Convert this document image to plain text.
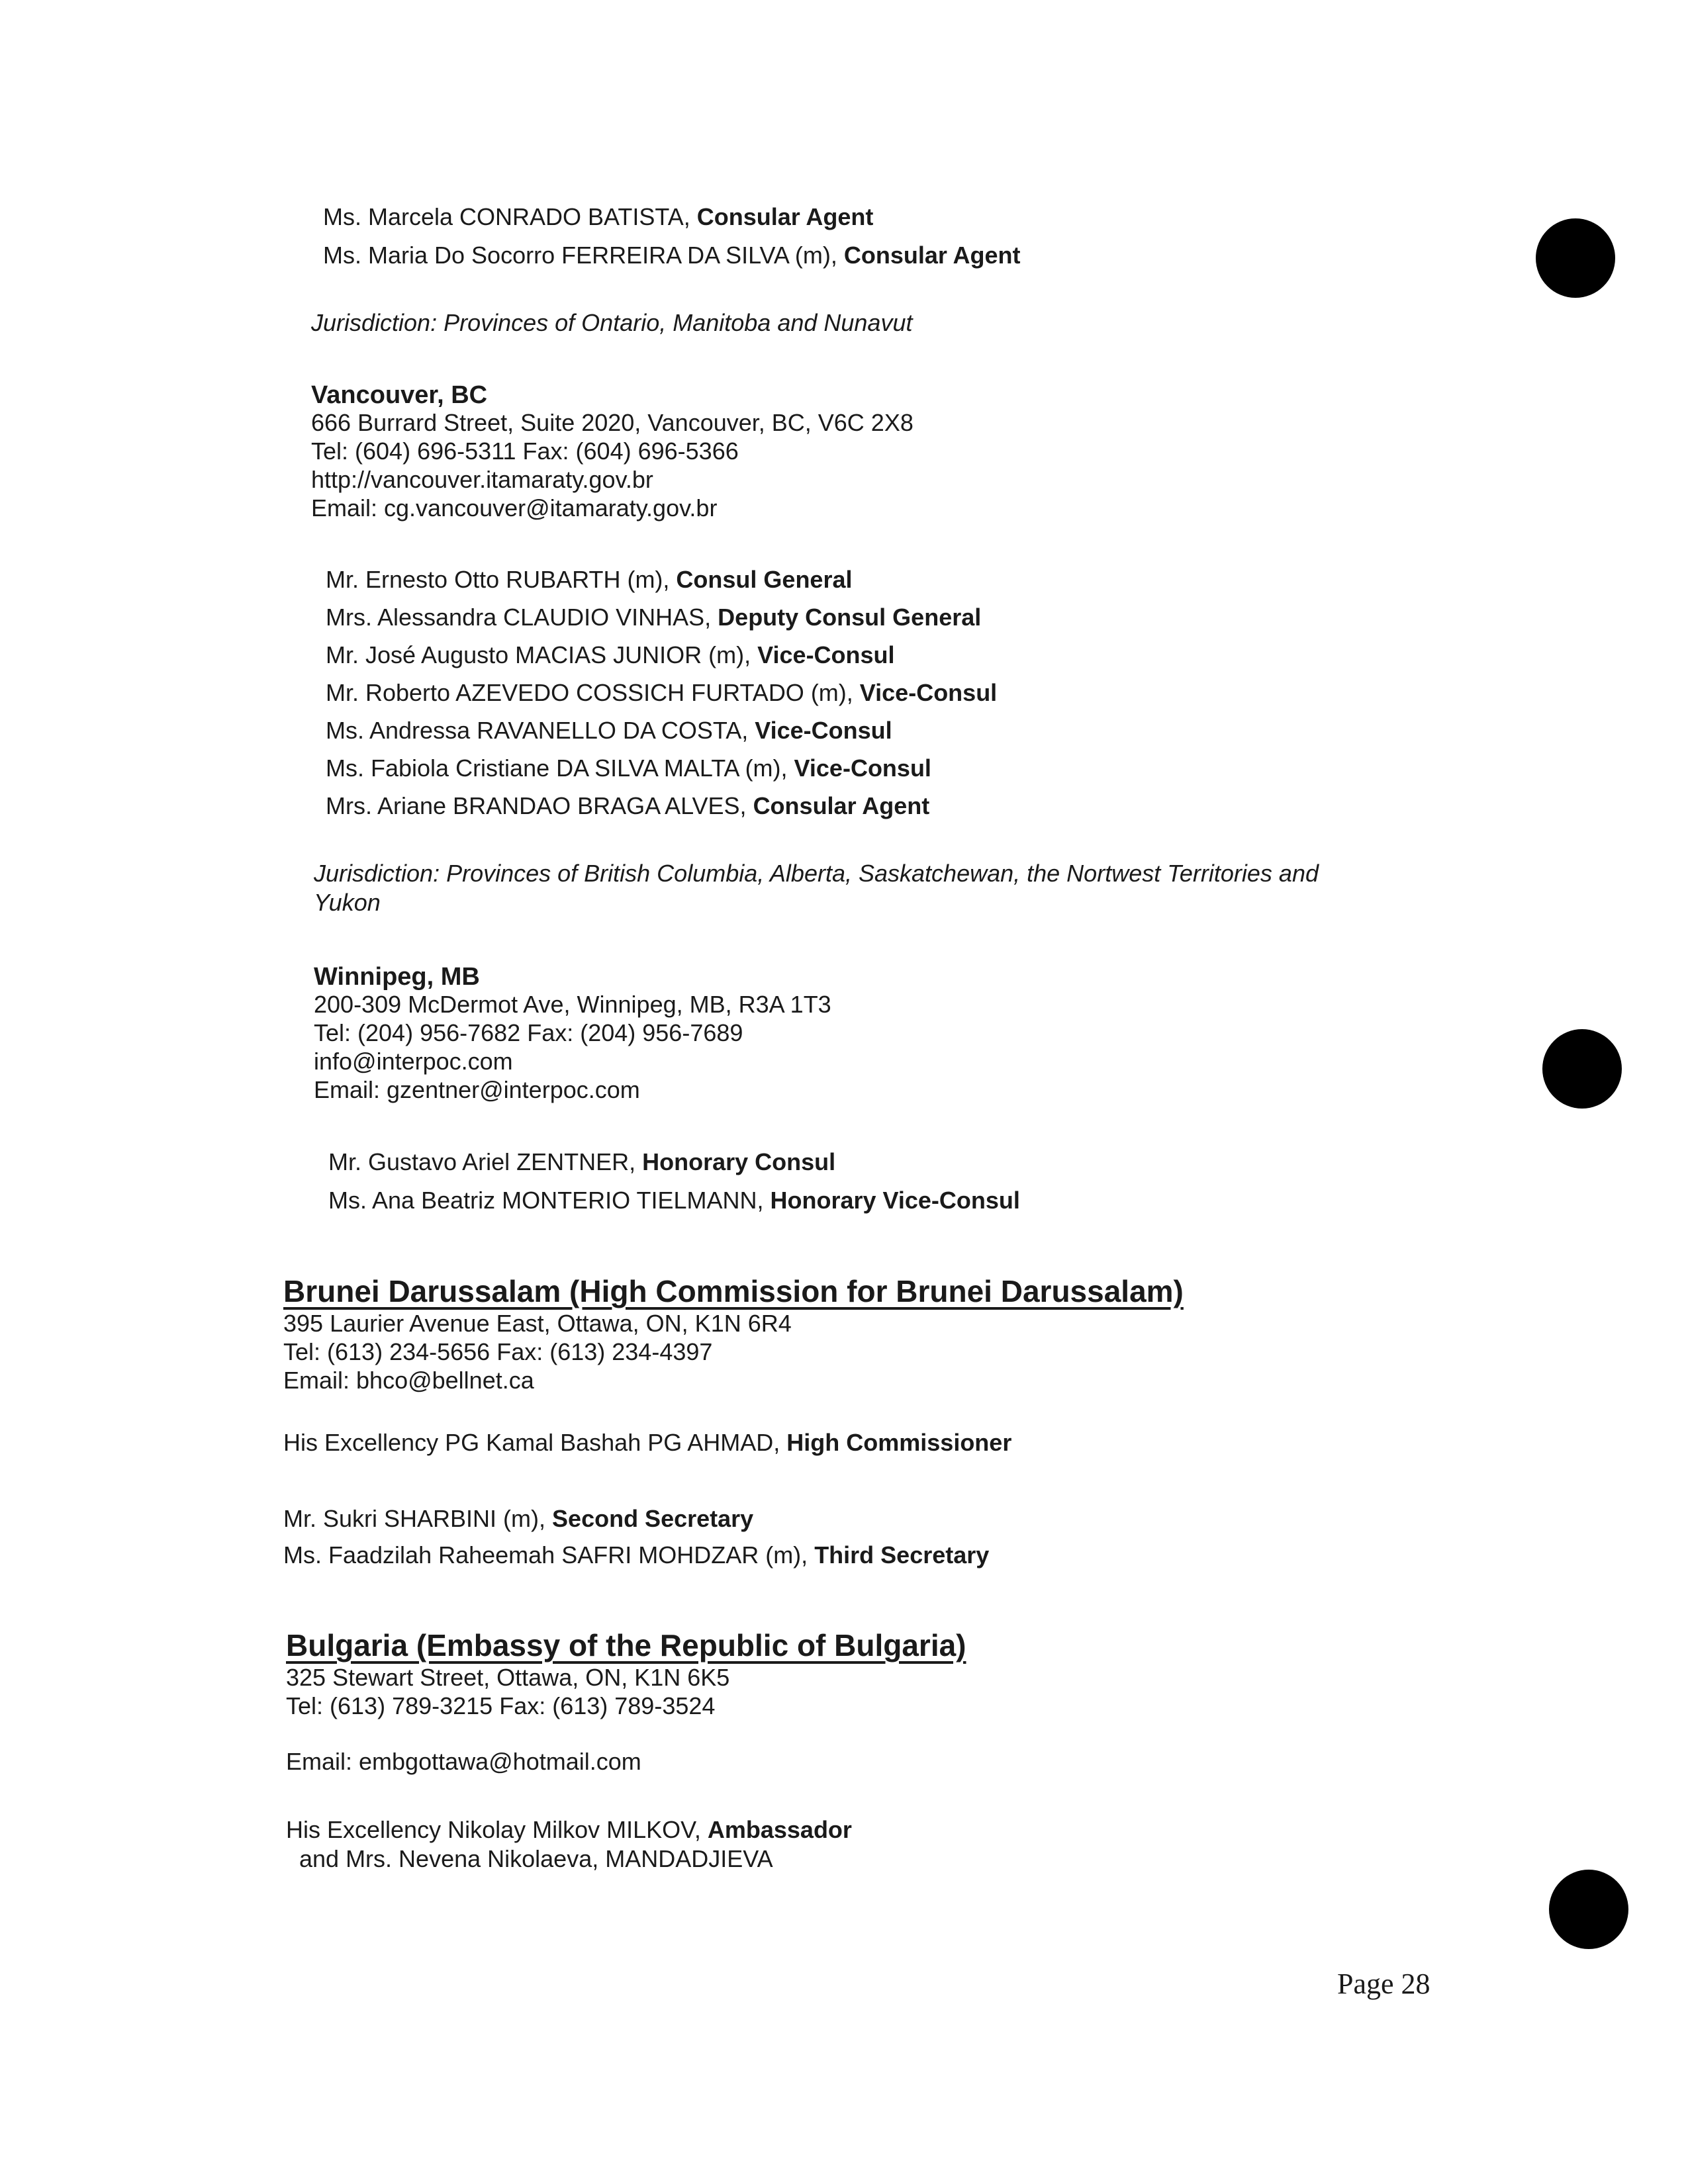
Ms. Marcela CONRADO BATISTA, Consular Agent
Ms. Maria Do Socorro FERREIRA DA SILVA (m), Consular Agent
Jurisdiction: Provinces of Ontario, Manitoba and Nunavut
Vancouver, BC
666 Burrard Street, Suite 2020, Vancouver, BC, V6C 2X8
Tel: (604) 696-5311 Fax: (604) 696-5366
http://vancouver.itamaraty.gov.br
Email: cg.vancouver@itamaraty.gov.br
Mr. Ernesto Otto RUBARTH (m), Consul General
Mrs. Alessandra CLAUDIO VINHAS, Deputy Consul General
Mr. José Augusto MACIAS JUNIOR (m), Vice-Consul
Mr. Roberto AZEVEDO COSSICH FURTADO (m), Vice-Consul
Ms. Andressa RAVANELLO DA COSTA, Vice-Consul
Ms. Fabiola Cristiane DA SILVA MALTA (m), Vice-Consul
Mrs. Ariane BRANDAO BRAGA ALVES, Consular Agent
Jurisdiction: Provinces of British Columbia, Alberta, Saskatchewan, the Nortwest Territories and Yukon
Winnipeg, MB
200-309 McDermot Ave, Winnipeg, MB, R3A 1T3
Tel: (204) 956-7682 Fax: (204) 956-7689
info@interpoc.com
Email: gzentner@interpoc.com
Mr. Gustavo Ariel ZENTNER, Honorary Consul
Ms. Ana Beatriz MONTERIO TIELMANN, Honorary Vice-Consul
Brunei Darussalam (High Commission for Brunei Darussalam)
395 Laurier Avenue East, Ottawa, ON, K1N 6R4
Tel: (613) 234-5656 Fax: (613) 234-4397
Email: bhco@bellnet.ca
His Excellency PG Kamal Bashah PG AHMAD, High Commissioner
Mr. Sukri SHARBINI (m), Second Secretary
Ms. Faadzilah Raheemah SAFRI MOHDZAR (m), Third Secretary
Bulgaria (Embassy of the Republic of Bulgaria)
325 Stewart Street, Ottawa, ON, K1N 6K5
Tel: (613) 789-3215 Fax: (613) 789-3524
Email: embgottawa@hotmail.com
His Excellency Nikolay Milkov MILKOV, Ambassador
and Mrs. Nevena Nikolaeva, MANDADJIEVA
Page 28
